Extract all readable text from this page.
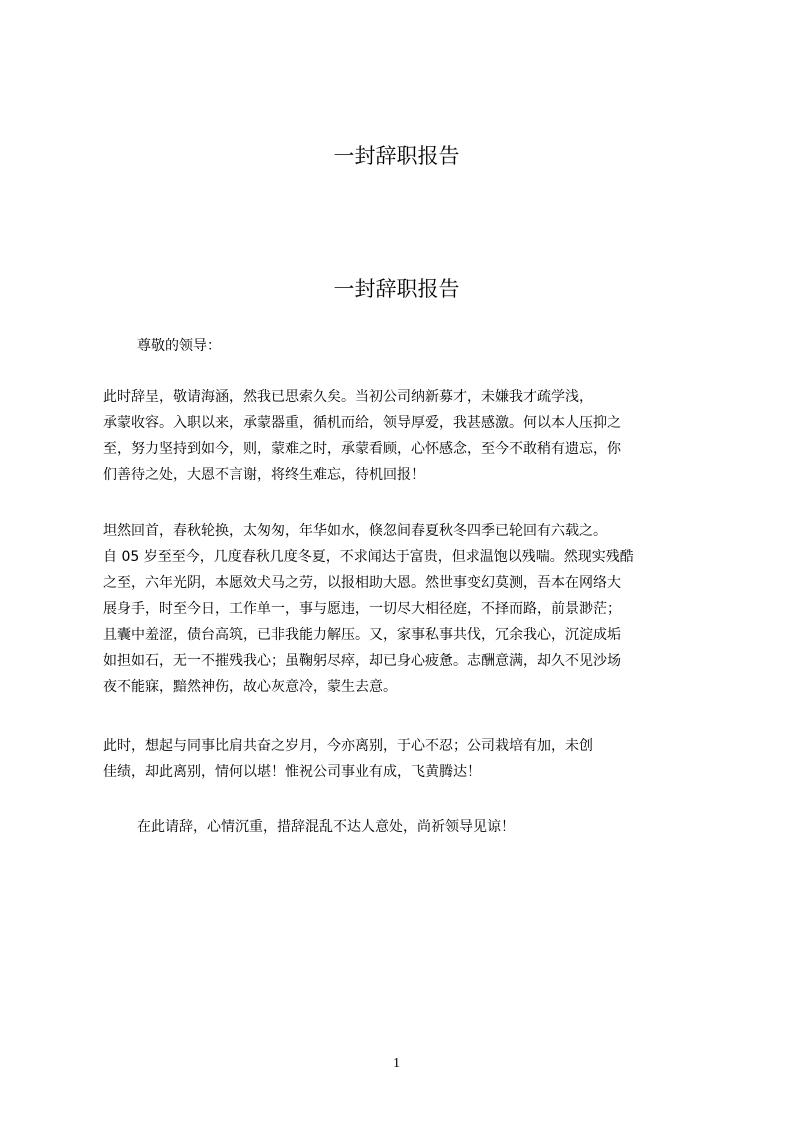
一封辞职报告
一封辞职报告

尊敬的领导：

此时辞呈，敬请海涵，然我已思索久矣。当初公司纳新募才，未嫌我才疏学浅，
承蒙收容。入职以来，承蒙器重，循机而给，领导厚爱，我甚感激。何以本人压抑之
至，努力坚持到如今，则，蒙难之时，承蒙看顾，心怀感念，至今不敢稍有遗忘，你
们善待之处，大恩不言谢，将终生难忘，待机回报！
坦然回首，春秋轮换，太匆匆，年华如水，倏忽间春夏秋冬四季已轮回有六载之。
自 05 岁至至今，几度春秋几度冬夏，不求闻达于富贵，但求温饱以残喘。然现实残酷
之至，六年光阴，本愿效犬马之劳，以报相助大恩。然世事变幻莫测，吾本在网络大
展身手，时至今日，工作单一，事与愿违，一切尽大相径庭，不择而路，前景渺茫；
且囊中羞涩，债台高筑，已非我能力解压。又，家事私事共伐，冗余我心，沉淀成垢
如担如石，无一不摧残我心；虽鞠躬尽瘁，却已身心疲惫。志酬意满，却久不见沙场
夜不能寐，黯然神伤，故心灰意冷，蒙生去意。
此时，想起与同事比肩共奋之岁月，今亦离别，于心不忍；公司栽培有加，未创
佳绩，却此离别，情何以堪！惟祝公司事业有成，飞黄腾达！

在此请辞，心情沉重，措辞混乱不达人意处，尚祈领导见谅！

1
